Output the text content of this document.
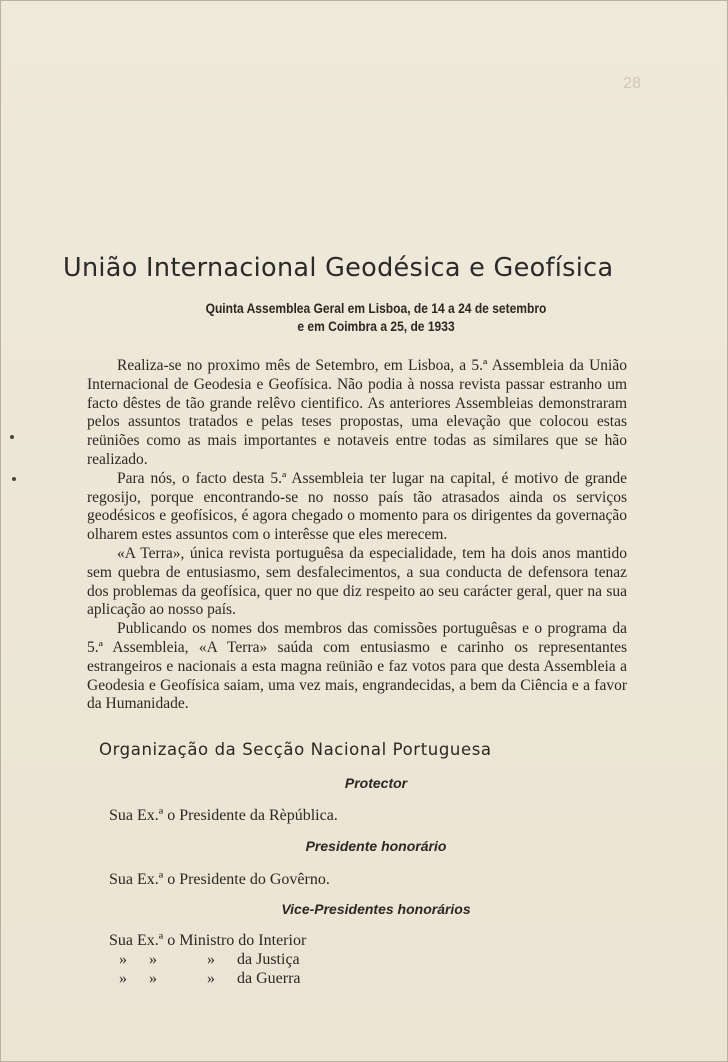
28
União Internacional Geodésica e Geofísica
Quinta Assemblea Geral em Lisboa, de 14 a 24 de setembro
e em Coimbra a 25, de 1933

Realiza-se no proximo mês de Setembro, em Lisboa, a 5.ª Assembleia da União Internacional de Geodesia e Geofísica. Não podia à nossa revista passar estranho um facto dêstes de tão grande relêvo cientifico. As anteriores Assembleias demonstraram pelos assuntos tratados e pelas teses propostas, uma elevação que colocou estas reüniões como as mais importantes e notaveis entre todas as similares que se hão realizado.

Para nós, o facto desta 5.ª Assembleia ter lugar na capital, é motivo de grande regosijo, porque encontrando-se no nosso país tão atrasados ainda os serviços geodésicos e geofísicos, é agora chegado o momento para os dirigentes da governação olharem estes assuntos com o interêsse que eles merecem.

«A Terra», única revista portuguêsa da especialidade, tem ha dois anos mantido sem quebra de entusiasmo, sem desfalecimentos, a sua conducta de defensora tenaz dos problemas da geofísica, quer no que diz respeito ao seu carácter geral, quer na sua aplicação ao nosso país.

Publicando os nomes dos membros das comissões portuguêsas e o programa da 5.ª Assembleia, «A Terra» saúda com entusiasmo e carinho os representantes estrangeiros e nacionais a esta magna reünião e faz votos para que desta Assembleia a Geodesia e Geofísica saiam, uma vez mais, engrandecidas, a bem da Ciência e a favor da Humanidade.

Organização da Secção Nacional Portuguesa
Protector
Sua Ex.ª o Presidente da Rèpública.
Presidente honorário
Sua Ex.ª o Presidente do Govêrno.
Vice-Presidentes honorários
Sua Ex.ª o Ministro do Interior
» »	» da Justiça
» »	» da Guerra
